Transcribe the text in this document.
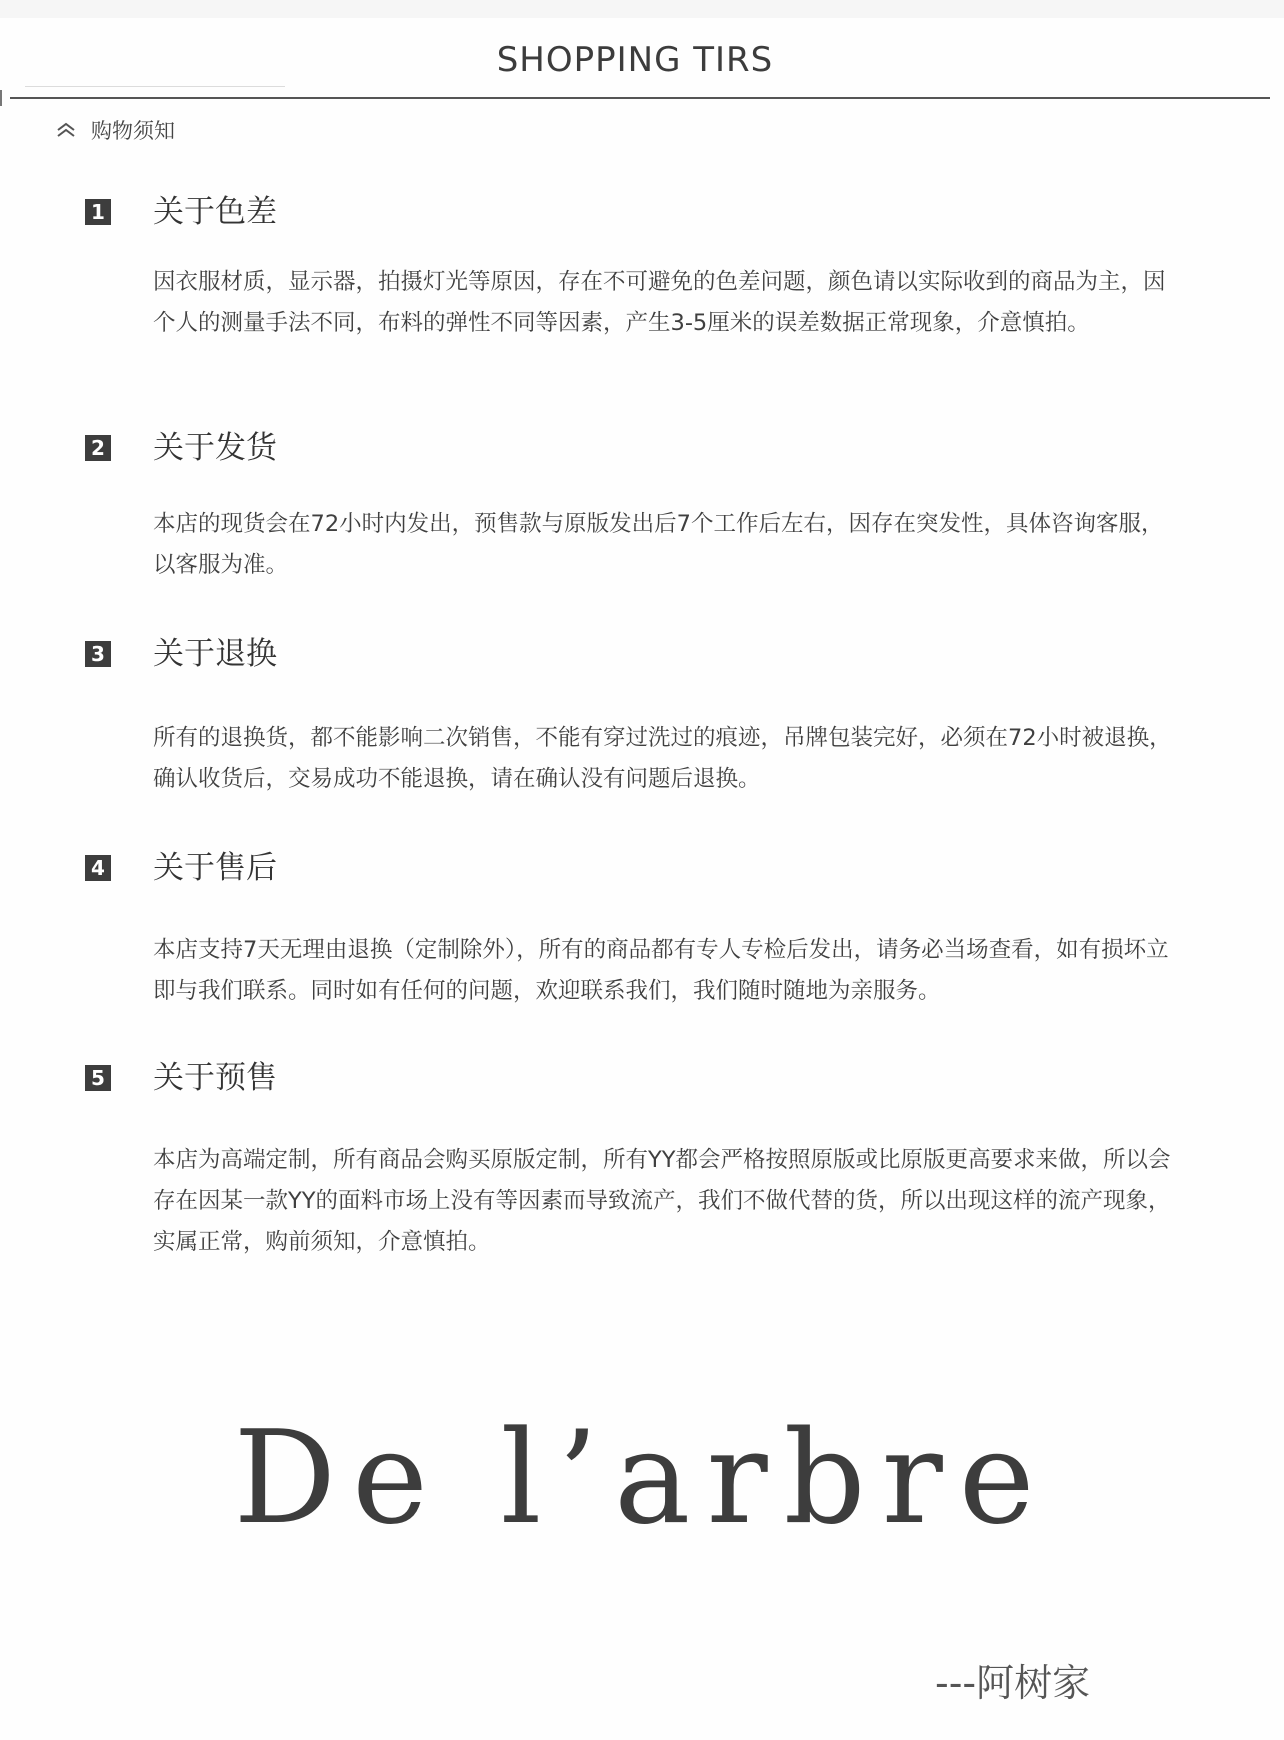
SHOPPING TIRS
购物须知
1 关于色差
因衣服材质，显示器，拍摄灯光等原因，存在不可避免的色差问题，颜色请以实际收到的商品为主，因个人的测量手法不同，布料的弹性不同等因素，产生3-5厘米的误差数据正常现象，介意慎拍。
2 关于发货
本店的现货会在72小时内发出，预售款与原版发出后7个工作后左右，因存在突发性，具体咨询客服，以客服为准。
3 关于退换
所有的退换货，都不能影响二次销售，不能有穿过洗过的痕迹，吊牌包装完好，必须在72小时被退换，确认收货后，交易成功不能退换，请在确认没有问题后退换。
4 关于售后
本店支持7天无理由退换（定制除外），所有的商品都有专人专检后发出，请务必当场查看，如有损坏立即与我们联系。同时如有任何的问题，欢迎联系我们，我们随时随地为亲服务。
5 关于预售
本店为高端定制，所有商品会购买原版定制，所有YY都会严格按照原版或比原版更高要求来做，所以会存在因某一款YY的面料市场上没有等因素而导致流产，我们不做代替的货，所以出现这样的流产现象，实属正常，购前须知，介意慎拍。
De l’arbre
---阿树家
